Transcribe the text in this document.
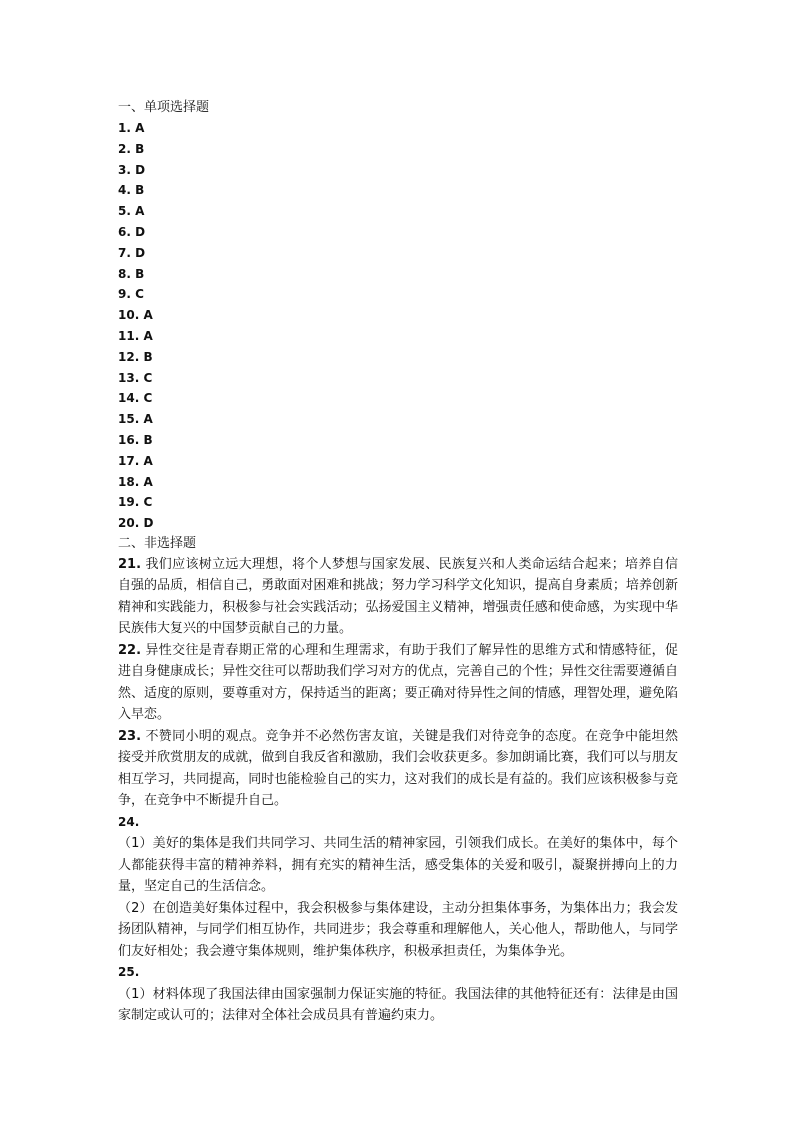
一、单项选择题
1. A
2. B
3. D
4. B
5. A
6. D
7. D
8. B
9. C
10. A
11. A
12. B
13. C
14. C
15. A
16. B
17. A
18. A
19. C
20. D
二、非选择题

21. 我们应该树立远大理想，将个人梦想与国家发展、民族复兴和人类命运结合起来；培养自信自强的品质，相信自己，勇敢面对困难和挑战；努力学习科学文化知识，提高自身素质；培养创新精神和实践能力，积极参与社会实践活动；弘扬爱国主义精神，增强责任感和使命感，为实现中华民族伟大复兴的中国梦贡献自己的力量。

22. 异性交往是青春期正常的心理和生理需求，有助于我们了解异性的思维方式和情感特征，促进自身健康成长；异性交往可以帮助我们学习对方的优点，完善自己的个性；异性交往需要遵循自然、适度的原则，要尊重对方，保持适当的距离；要正确对待异性之间的情感，理智处理，避免陷入早恋。

23. 不赞同小明的观点。竞争并不必然伤害友谊，关键是我们对待竞争的态度。在竞争中能坦然接受并欣赏朋友的成就，做到自我反省和激励，我们会收获更多。参加朗诵比赛，我们可以与朋友相互学习，共同提高，同时也能检验自己的实力，这对我们的成长是有益的。我们应该积极参与竞争，在竞争中不断提升自己。

24.

（1）美好的集体是我们共同学习、共同生活的精神家园，引领我们成长。在美好的集体中，每个人都能获得丰富的精神养料，拥有充实的精神生活，感受集体的关爱和吸引，凝聚拼搏向上的力量，坚定自己的生活信念。

（2）在创造美好集体过程中，我会积极参与集体建设，主动分担集体事务，为集体出力；我会发扬团队精神，与同学们相互协作，共同进步；我会尊重和理解他人，关心他人，帮助他人，与同学们友好相处；我会遵守集体规则，维护集体秩序，积极承担责任，为集体争光。

25.

（1）材料体现了我国法律由国家强制力保证实施的特征。我国法律的其他特征还有：法律是由国家制定或认可的；法律对全体社会成员具有普遍约束力。
